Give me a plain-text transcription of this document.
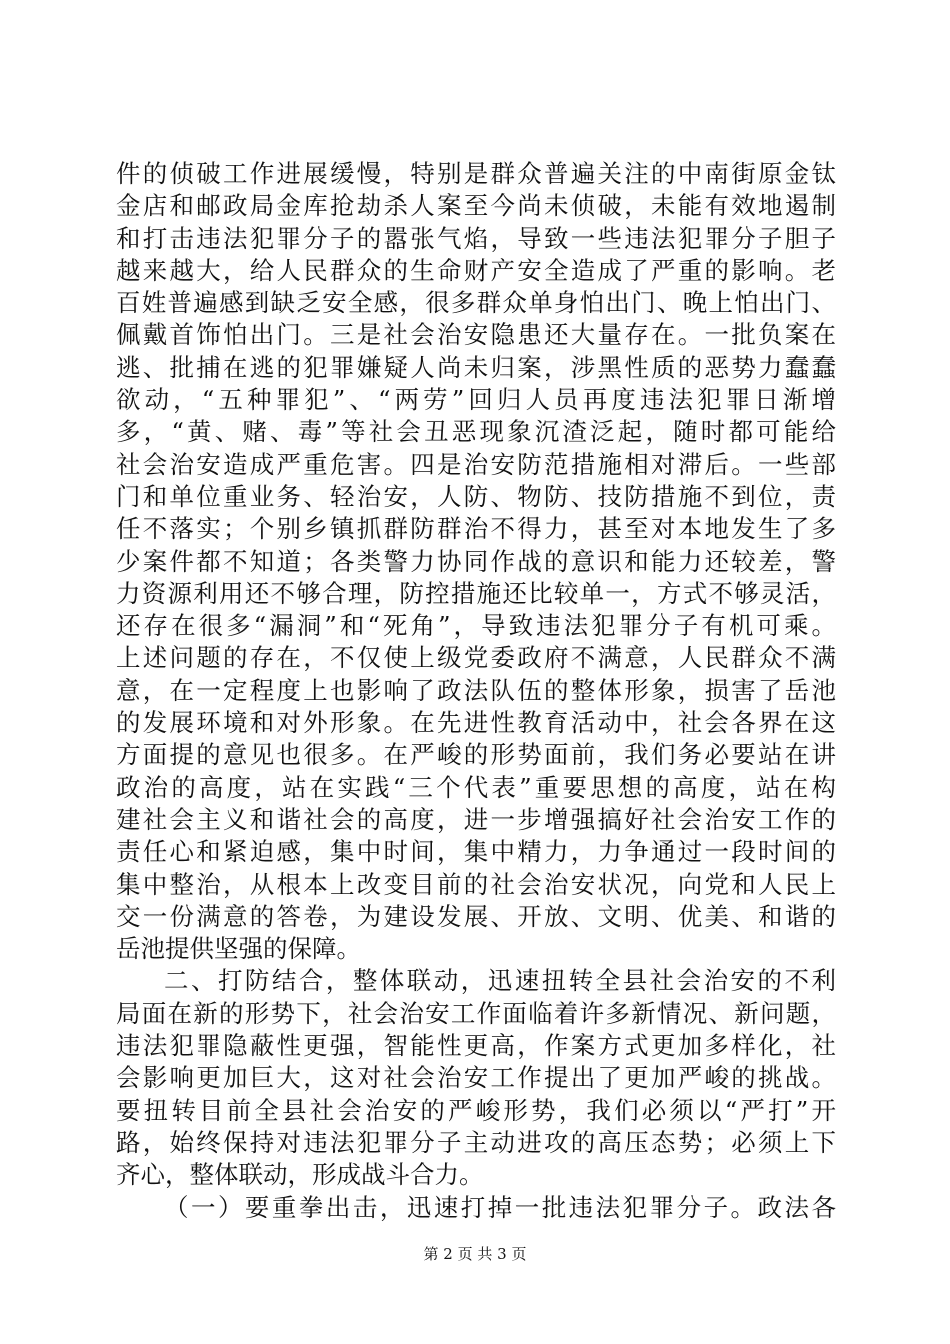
件的侦破工作进展缓慢，特别是群众普遍关注的中南街原金钛
金店和邮政局金库抢劫杀人案至今尚未侦破，未能有效地遏制
和打击违法犯罪分子的嚣张气焰，导致一些违法犯罪分子胆子
越来越大，给人民群众的生命财产安全造成了严重的影响。老
百姓普遍感到缺乏安全感，很多群众单身怕出门、晚上怕出门、
佩戴首饰怕出门。三是社会治安隐患还大量存在。一批负案在
逃、批捕在逃的犯罪嫌疑人尚未归案，涉黑性质的恶势力蠢蠢
欲动，“五种罪犯”、“两劳”回归人员再度违法犯罪日渐增
多，“黄、赌、毒”等社会丑恶现象沉渣泛起，随时都可能给
社会治安造成严重危害。四是治安防范措施相对滞后。一些部
门和单位重业务、轻治安，人防、物防、技防措施不到位，责
任不落实；个别乡镇抓群防群治不得力，甚至对本地发生了多
少案件都不知道；各类警力协同作战的意识和能力还较差，警
力资源利用还不够合理，防控措施还比较单一，方式不够灵活，
还存在很多“漏洞”和“死角”，导致违法犯罪分子有机可乘。
上述问题的存在，不仅使上级党委政府不满意，人民群众不满
意，在一定程度上也影响了政法队伍的整体形象，损害了岳池
的发展环境和对外形象。在先进性教育活动中，社会各界在这
方面提的意见也很多。在严峻的形势面前，我们务必要站在讲
政治的高度，站在实践“三个代表”重要思想的高度，站在构
建社会主义和谐社会的高度，进一步增强搞好社会治安工作的
责任心和紧迫感，集中时间，集中精力，力争通过一段时间的
集中整治，从根本上改变目前的社会治安状况，向党和人民上
交一份满意的答卷，为建设发展、开放、文明、优美、和谐的
岳池提供坚强的保障。
二、打防结合，整体联动，迅速扭转全县社会治安的不利
局面在新的形势下，社会治安工作面临着许多新情况、新问题，
违法犯罪隐蔽性更强，智能性更高，作案方式更加多样化，社
会影响更加巨大，这对社会治安工作提出了更加严峻的挑战。
要扭转目前全县社会治安的严峻形势，我们必须以“严打”开
路，始终保持对违法犯罪分子主动进攻的高压态势；必须上下
齐心，整体联动，形成战斗合力。
（一）要重拳出击，迅速打掉一批违法犯罪分子。政法各
第 2 页 共 3 页
